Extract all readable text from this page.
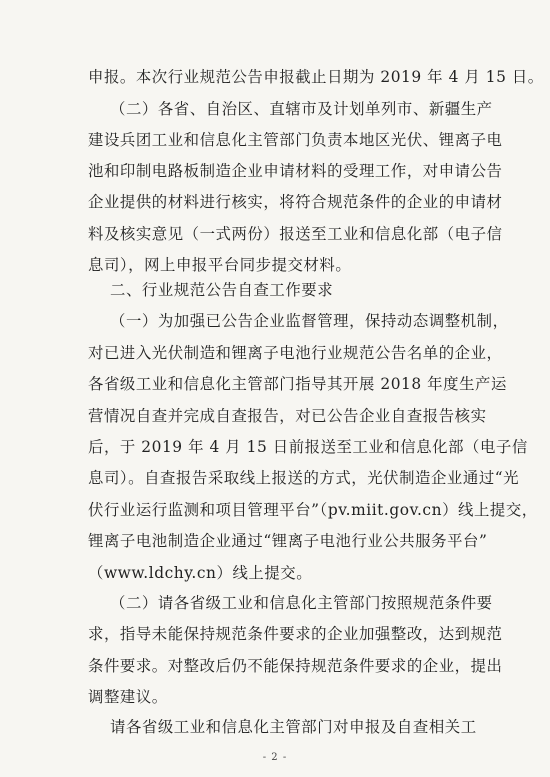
申报。本次行业规范公告申报截止日期为 2019 年 4 月 15 日。
（二）各省、自治区、直辖市及计划单列市、新疆生产
建设兵团工业和信息化主管部门负责本地区光伏、锂离子电
池和印制电路板制造企业申请材料的受理工作，对申请公告
企业提供的材料进行核实，将符合规范条件的企业的申请材
料及核实意见（一式两份）报送至工业和信息化部（电子信
息司），网上申报平台同步提交材料。
二、行业规范公告自查工作要求
（一）为加强已公告企业监督管理，保持动态调整机制，
对已进入光伏制造和锂离子电池行业规范公告名单的企业，
各省级工业和信息化主管部门指导其开展 2018 年度生产运
营情况自查并完成自查报告，对已公告企业自查报告核实
后，于 2019 年 4 月 15 日前报送至工业和信息化部（电子信
息司）。自查报告采取线上报送的方式，光伏制造企业通过“光
伏行业运行监测和项目管理平台”（pv.miit.gov.cn）线上提交，
锂离子电池制造企业通过“锂离子电池行业公共服务平台”
（www.ldchy.cn）线上提交。
（二）请各省级工业和信息化主管部门按照规范条件要
求，指导未能保持规范条件要求的企业加强整改，达到规范
条件要求。对整改后仍不能保持规范条件要求的企业，提出
调整建议。
请各省级工业和信息化主管部门对申报及自查相关工
- 2 -
